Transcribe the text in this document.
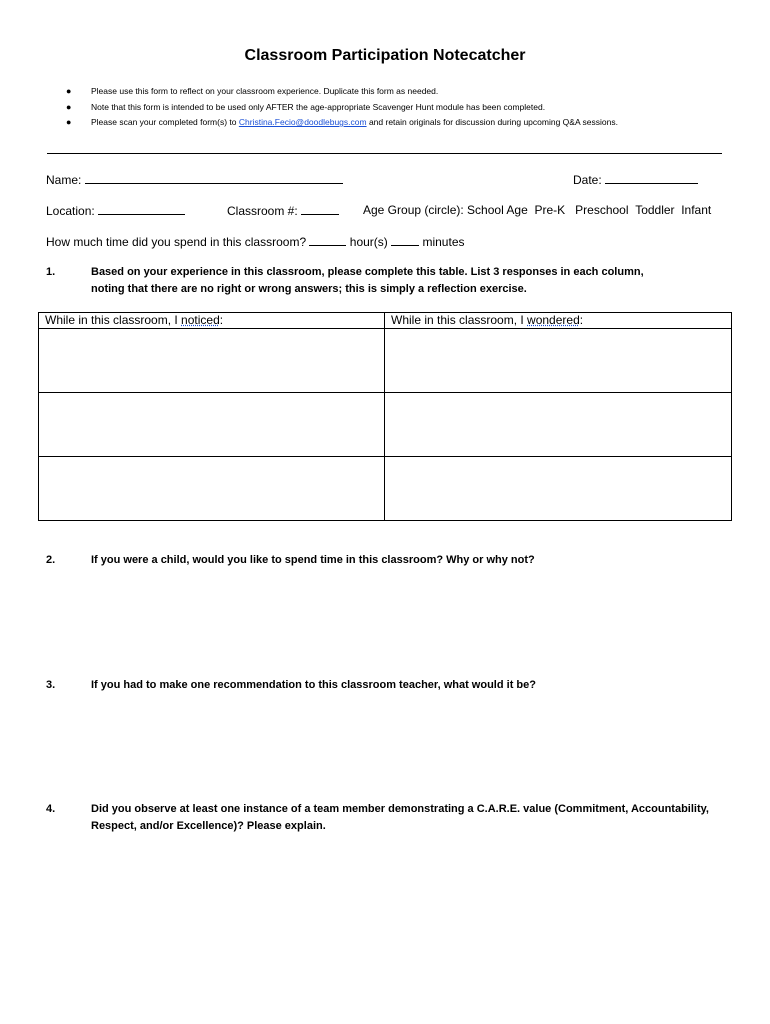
Classroom Participation Notecatcher
●	Please use this form to reflect on your classroom experience. Duplicate this form as needed.
●	Note that this form is intended to be used only AFTER the age-appropriate Scavenger Hunt module has been completed.
●	Please scan your completed form(s) to Christina.Fecio@doodlebugs.com and retain originals for discussion during upcoming Q&A sessions.
Name:	Date:
Location:	Classroom #:	Age Group (circle): School Age Pre-K Preschool Toddler Infant
How much time did you spend in this classroom?	hour(s)  minutes
1.	Based on your experience in this classroom, please complete this table. List 3 responses in each column,
noting that there are no right or wrong answers; this is simply a reflection exercise.
While in this classroom, I noticed:	While in this classroom, I wondered:

2.	If you were a child, would you like to spend time in this classroom? Why or why not?
3.	If you had to make one recommendation to this classroom teacher, what would it be?
4.	Did you observe at least one instance of a team member demonstrating a C.A.R.E. value (Commitment, Accountability,
Respect, and/or Excellence)? Please explain.
